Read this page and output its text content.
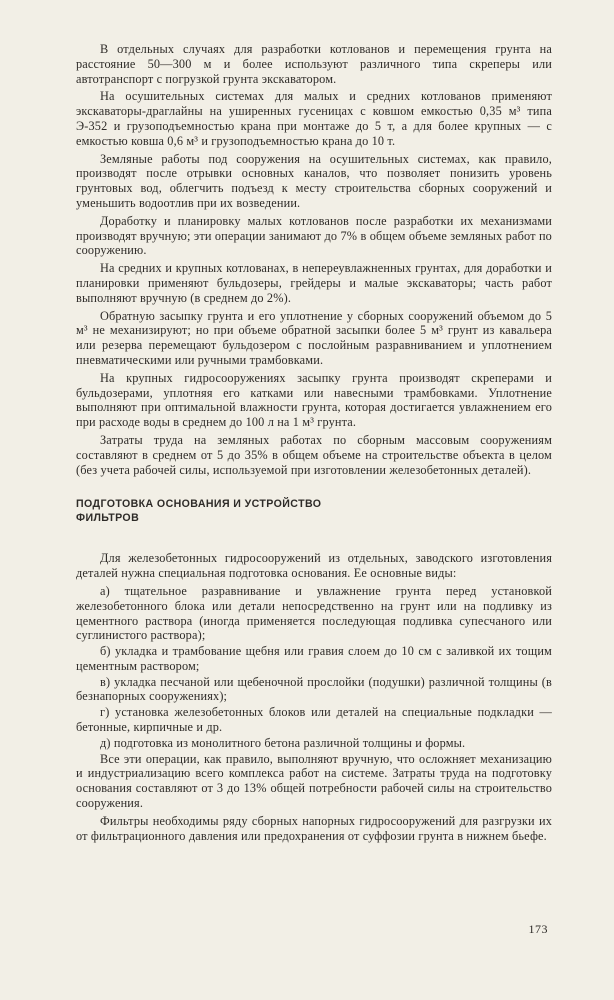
В отдельных случаях для разработки котлованов и перемещения грунта на расстояние 50—300 м и более используют различного типа скреперы или автотранспорт с погрузкой грунта экскаватором.

На осушительных системах для малых и средних котлованов применяют экскаваторы-драглайны на уширенных гусеницах с ковшом емкостью 0,35 м³ типа Э-352 и грузоподъемностью крана при монтаже до 5 т, а для более крупных — с емкостью ковша 0,6 м³ и грузоподъемностью крана до 10 т.

Земляные работы под сооружения на осушительных системах, как правило, производят после отрывки основных каналов, что позволяет понизить уровень грунтовых вод, облегчить подъезд к месту строительства сборных сооружений и уменьшить водоотлив при их возведении.

Доработку и планировку малых котлованов после разработки их механизмами производят вручную; эти операции занимают до 7% в общем объеме земляных работ по сооружению.

На средних и крупных котлованах, в непереувлажненных грунтах, для доработки и планировки применяют бульдозеры, грейдеры и малые экскаваторы; часть работ выполняют вручную (в среднем до 2%).

Обратную засыпку грунта и его уплотнение у сборных сооружений объемом до 5 м³ не механизируют; но при объеме обратной засыпки более 5 м³ грунт из кавальера или резерва перемещают бульдозером с послойным разравниванием и уплотнением пневматическими или ручными трамбовками.

На крупных гидросооружениях засыпку грунта производят скреперами и бульдозерами, уплотняя его катками или навесными трамбовками. Уплотнение выполняют при оптимальной влажности грунта, которая достигается увлажнением его при расходе воды в среднем до 100 л на 1 м³ грунта.

Затраты труда на земляных работах по сборным массовым сооружениям составляют в среднем от 5 до 35% в общем объеме на строительстве объекта в целом (без учета рабочей силы, используемой при изготовлении железобетонных деталей).

ПОДГОТОВКА ОСНОВАНИЯ И УСТРОЙСТВО
ФИЛЬТРОВ

Для железобетонных гидросооружений из отдельных, заводского изготовления деталей нужна специальная подготовка основания. Ее основные виды:

а) тщательное разравнивание и увлажнение грунта перед установкой железобетонного блока или детали непосредственно на грунт или на подливку из цементного раствора (иногда применяется последующая подливка супесчаного или суглинистого раствора);

б) укладка и трамбование щебня или гравия слоем до 10 см с заливкой их тощим цементным раствором;

в) укладка песчаной или щебеночной прослойки (подушки) различной толщины (в безнапорных сооружениях);

г) установка железобетонных блоков или деталей на специальные подкладки — бетонные, кирпичные и др.

д) подготовка из монолитного бетона различной толщины и формы.

Все эти операции, как правило, выполняют вручную, что осложняет механизацию и индустриализацию всего комплекса работ на системе. Затраты труда на подготовку основания составляют от 3 до 13% общей потребности рабочей силы на строительство сооружения.

Фильтры необходимы ряду сборных напорных гидросооружений для разгрузки их от фильтрационного давления или предохранения от суффозии грунта в нижнем бьефе.

173
